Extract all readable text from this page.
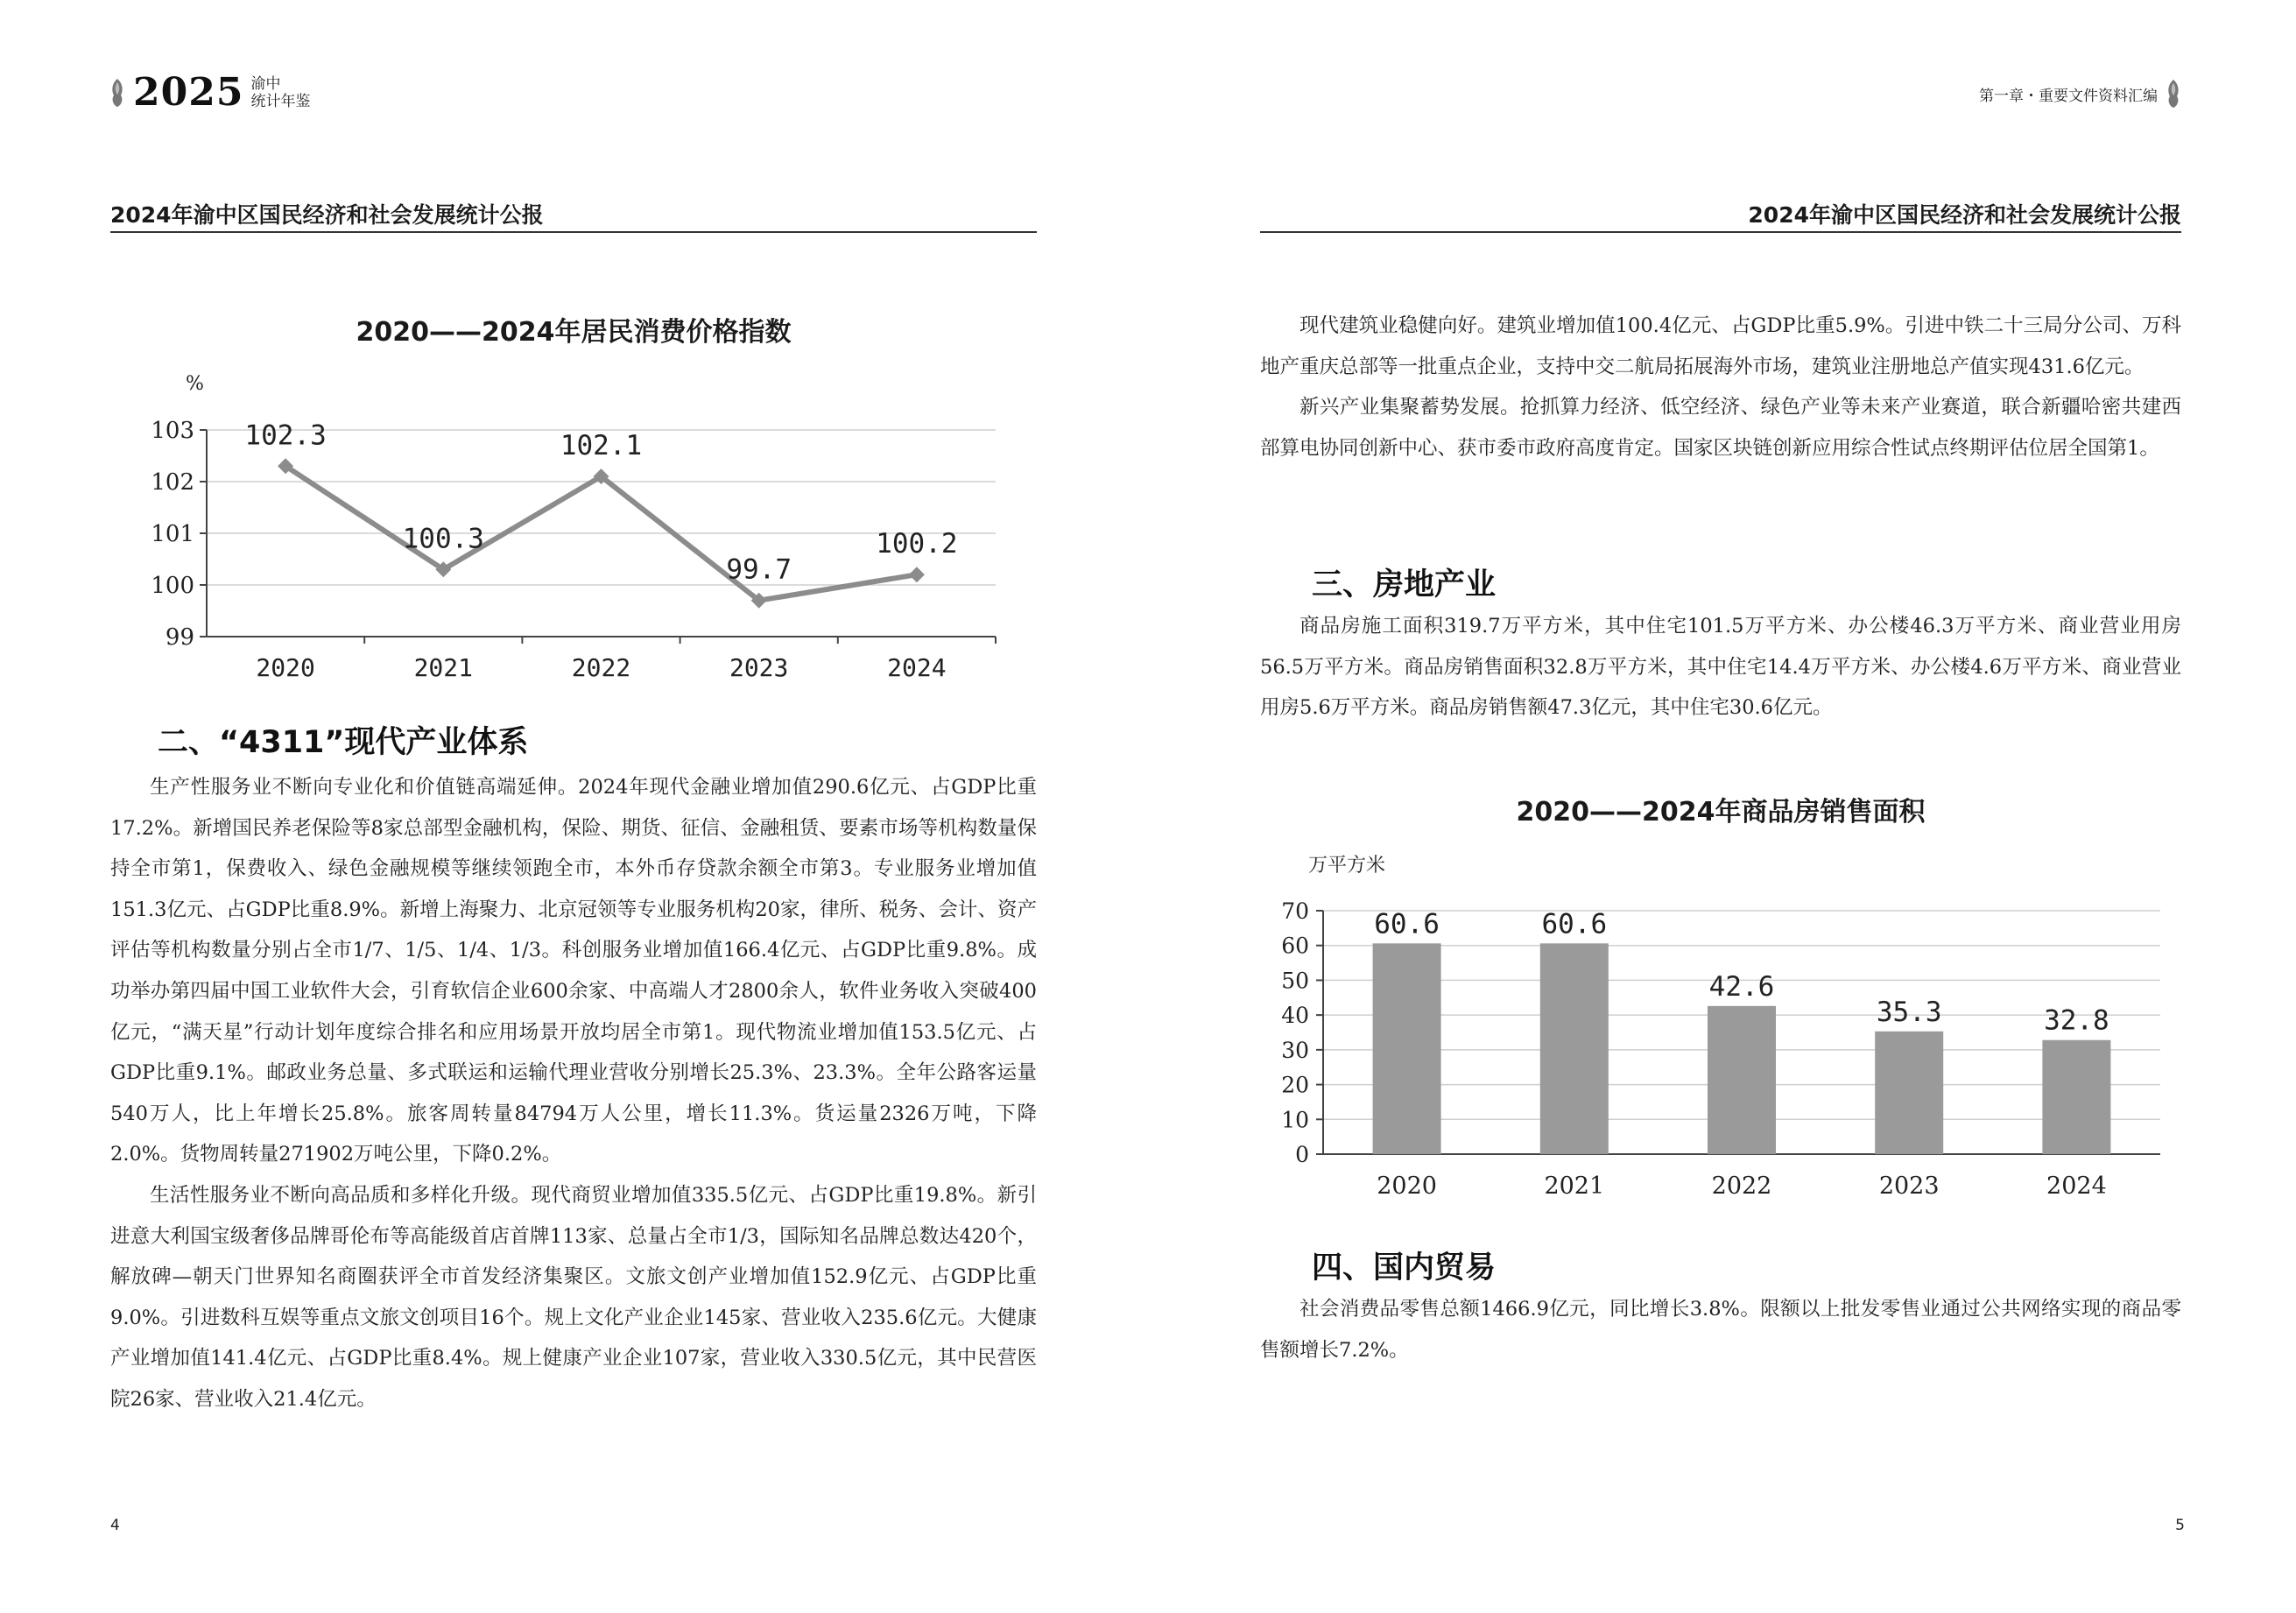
2025 渝中
统计年鉴
2024年渝中区国民经济和社会发展统计公报
2020——2024年居民消费价格指数
%
99
100
101
102
103
2020	2021	2022	2023	2024
102.3
100.3
102.1
99.7
100.2
二、“4311”现代产业体系

生产性服务业不断向专业化和价值链高端延伸。2024年现代金融业增加值290.6亿元、占GDP比重17.2%。新增国民养老保险等8家总部型金融机构，保险、期货、征信、金融租赁、要素市场等机构数量保持全市第1，保费收入、绿色金融规模等继续领跑全市，本外币存贷款余额全市第3。专业服务业增加值151.3亿元、占GDP比重8.9%。新增上海聚力、北京冠领等专业服务机构20家，律所、税务、会计、资产评估等机构数量分别占全市1/7、1/5、1/4、1/3。科创服务业增加值166.4亿元、占GDP比重9.8%。成功举办第四届中国工业软件大会，引育软信企业600余家、中高端人才2800余人，软件业务收入突破400亿元，“满天星”行动计划年度综合排名和应用场景开放均居全市第1。现代物流业增加值153.5亿元、占GDP比重9.1%。邮政业务总量、多式联运和运输代理业营收分别增长25.3%、23.3%。全年公路客运量540万人，比上年增长25.8%。旅客周转量84794万人公里，增长11.3%。货运量2326万吨，下降2.0%。货物周转量271902万吨公里，下降0.2%。

生活性服务业不断向高品质和多样化升级。现代商贸业增加值335.5亿元、占GDP比重19.8%。新引进意大利国宝级奢侈品牌哥伦布等高能级首店首牌113家、总量占全市1/3，国际知名品牌总数达420个，解放碑—朝天门世界知名商圈获评全市首发经济集聚区。文旅文创产业增加值152.9亿元、占GDP比重9.0%。引进数科互娱等重点文旅文创项目16个。规上文化产业企业145家、营业收入235.6亿元。大健康产业增加值141.4亿元、占GDP比重8.4%。规上健康产业企业107家，营业收入330.5亿元，其中民营医院26家、营业收入21.4亿元。

4
第一章・重要文件资料汇编
2024年渝中区国民经济和社会发展统计公报

现代建筑业稳健向好。建筑业增加值100.4亿元、占GDP比重5.9%。引进中铁二十三局分公司、万科地产重庆总部等一批重点企业，支持中交二航局拓展海外市场，建筑业注册地总产值实现431.6亿元。

新兴产业集聚蓄势发展。抢抓算力经济、低空经济、绿色产业等未来产业赛道，联合新疆哈密共建西部算电协同创新中心、获市委市政府高度肯定。国家区块链创新应用综合性试点终期评估位居全国第1。

三、房地产业

商品房施工面积319.7万平方米，其中住宅101.5万平方米、办公楼46.3万平方米、商业营业用房56.5万平方米。商品房销售面积32.8万平方米，其中住宅14.4万平方米、办公楼4.6万平方米、商业营业用房5.6万平方米。商品房销售额47.3亿元，其中住宅30.6亿元。

2020——2024年商品房销售面积
万平方米
0
10
20
30
40
50
60
70 60.6	60.6
42.6
35.3	32.8
2020	2021	2022	2023	2024
四、国内贸易

社会消费品零售总额1466.9亿元，同比增长3.8%。限额以上批发零售业通过公共网络实现的商品零售额增长7.2%。

5
